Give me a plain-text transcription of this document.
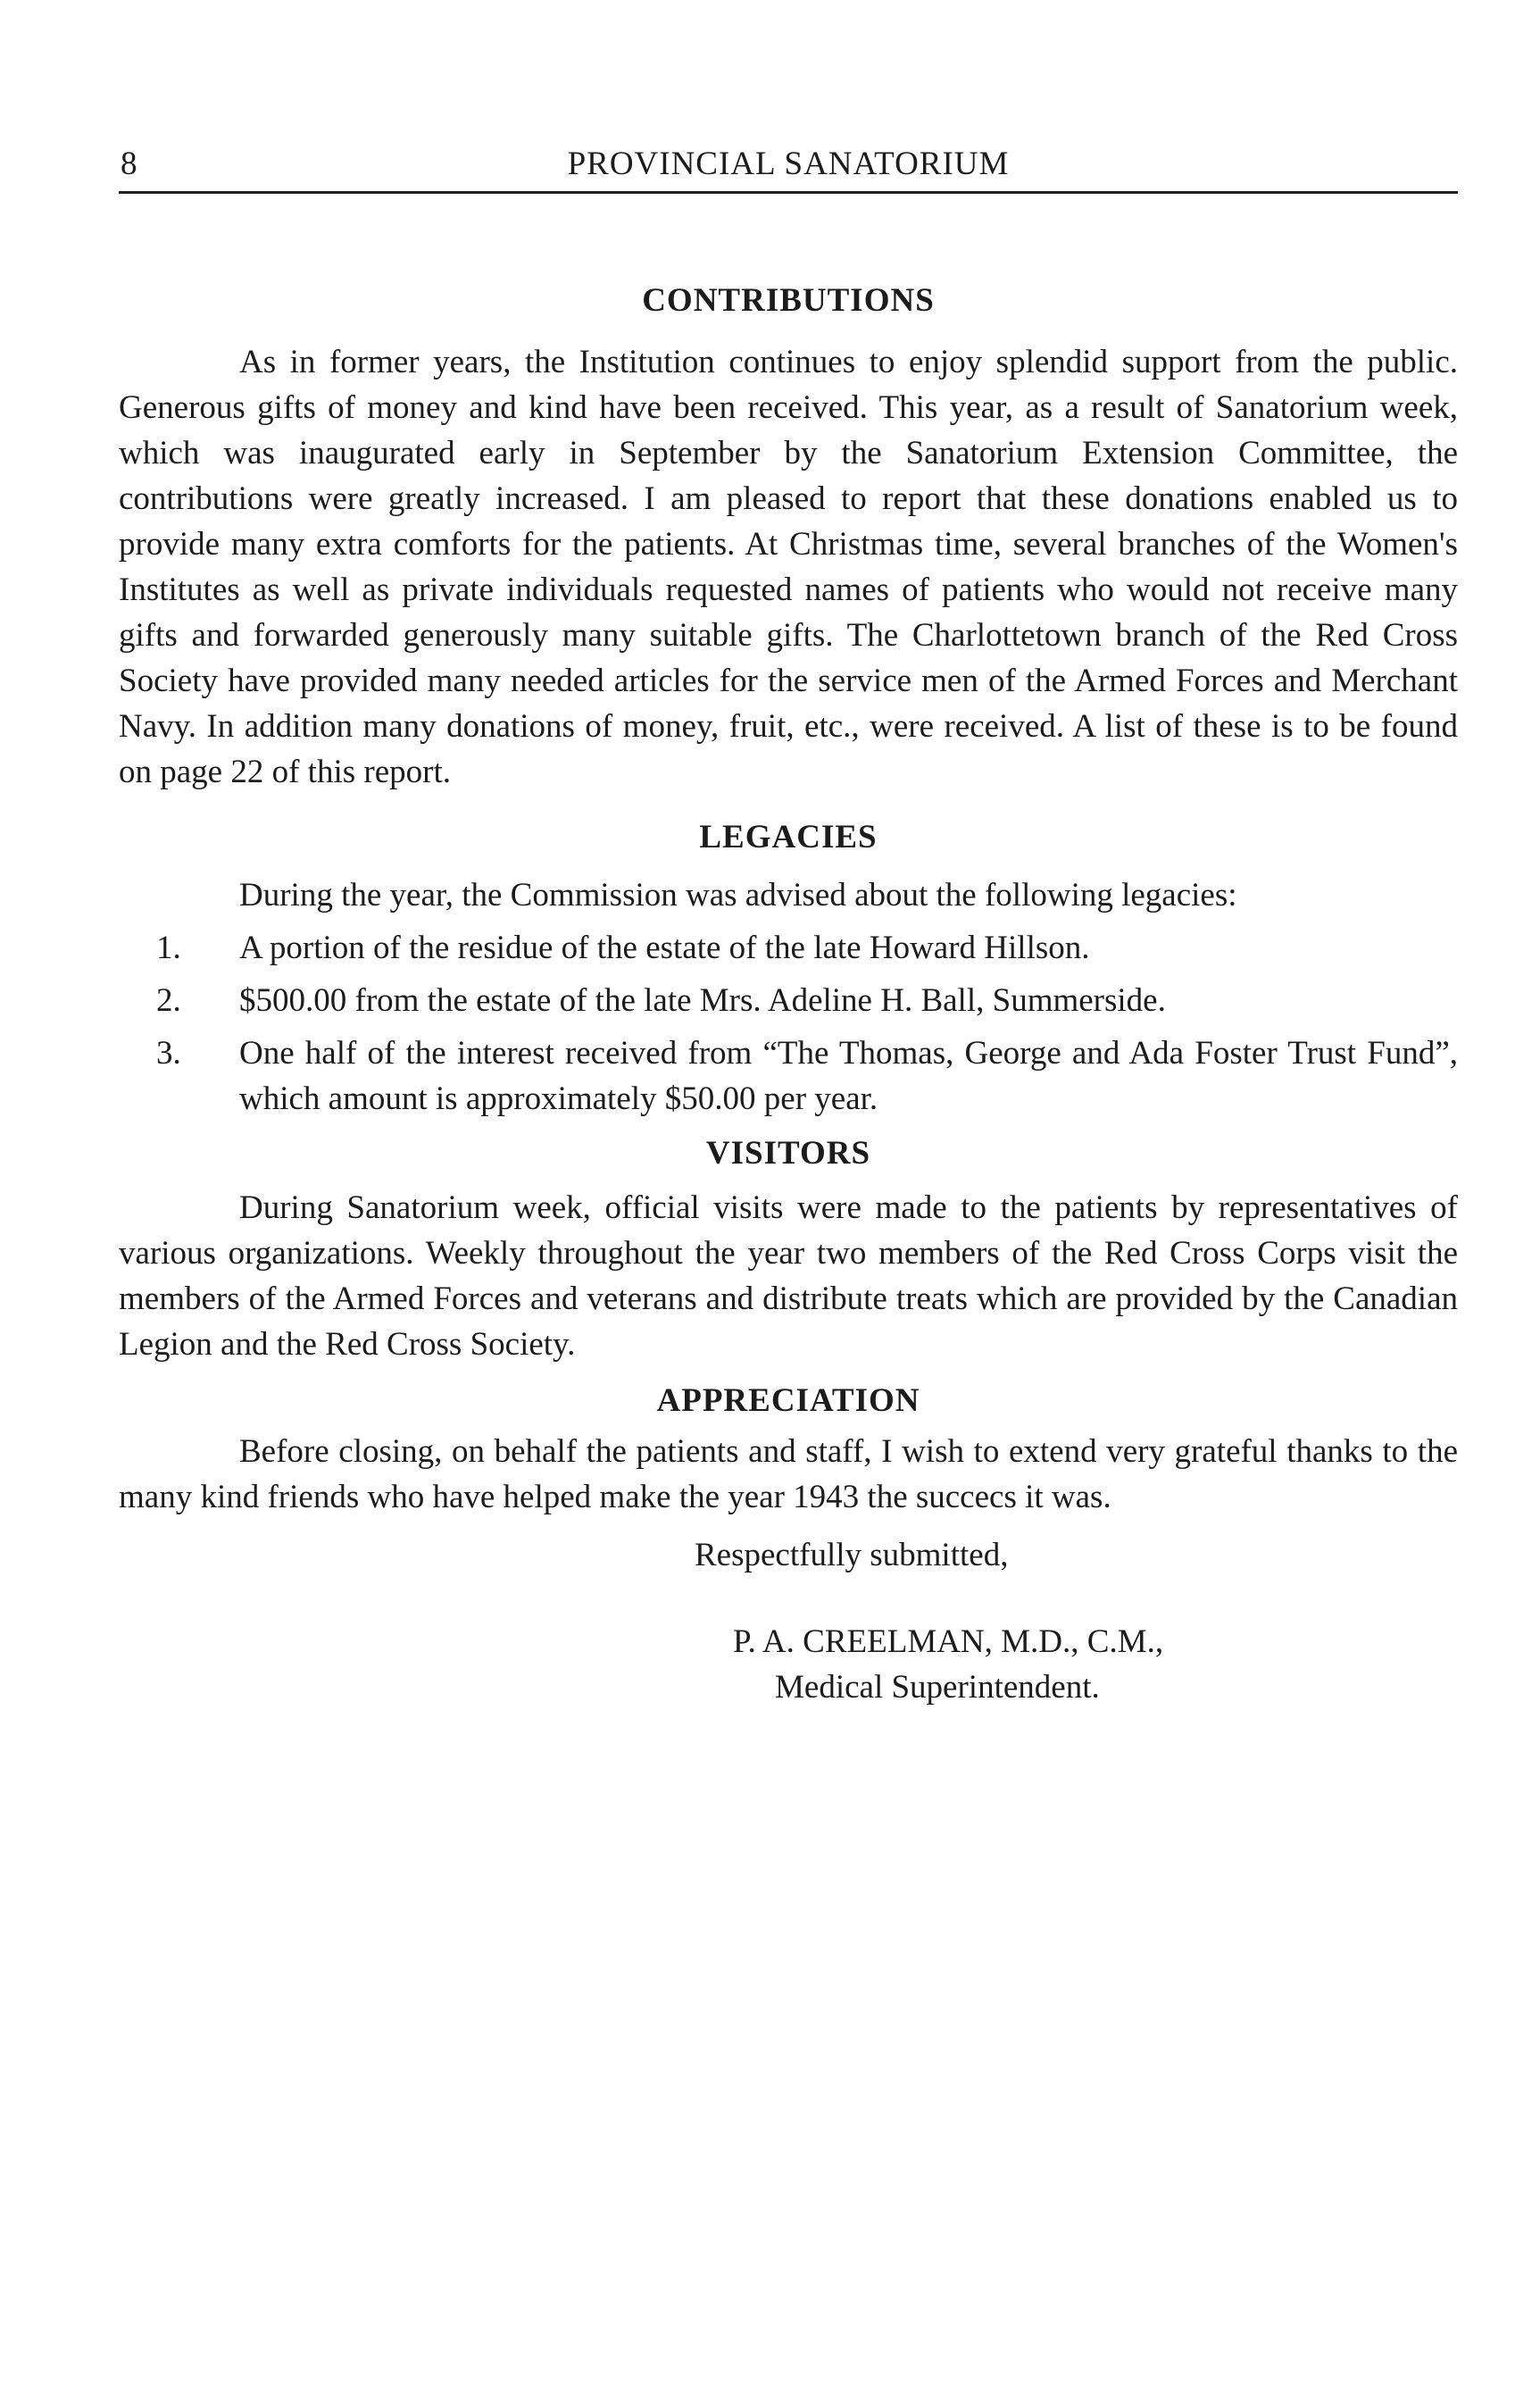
8	PROVINCIAL SANATORIUM
CONTRIBUTIONS

As in former years, the Institution continues to enjoy splendid support from the public. Generous gifts of money and kind have been received. This year, as a result of Sanatorium week, which was inaugurated early in September by the Sanatorium Extension Committee, the contributions were greatly increased. I am pleased to report that these donations enabled us to provide many extra comforts for the patients. At Christmas time, several branches of the Women's Institutes as well as private individuals requested names of patients who would not receive many gifts and forwarded generously many suitable gifts. The Charlottetown branch of the Red Cross Society have provided many needed articles for the service men of the Armed Forces and Merchant Navy. In addition many donations of money, fruit, etc., were received. A list of these is to be found on page 22 of this report.

LEGACIES

During the year, the Commission was advised about the following legacies:

1. A portion of the residue of the estate of the late Howard Hillson.
2. $500.00 from the estate of the late Mrs. Adeline H. Ball, Summerside.
3. One half of the interest received from “The Thomas, George and Ada Foster Trust Fund”, which amount is approximately $50.00 per year.
VISITORS

During Sanatorium week, official visits were made to the patients by representatives of various organizations. Weekly throughout the year two members of the Red Cross Corps visit the members of the Armed Forces and veterans and distribute treats which are provided by the Canadian Legion and the Red Cross Society.

APPRECIATION

Before closing, on behalf the patients and staff, I wish to extend very grateful thanks to the many kind friends who have helped make the year 1943 the succecs it was.

Respectfully submitted,
P. A. CREELMAN, M.D., C.M.,
Medical Superintendent.
